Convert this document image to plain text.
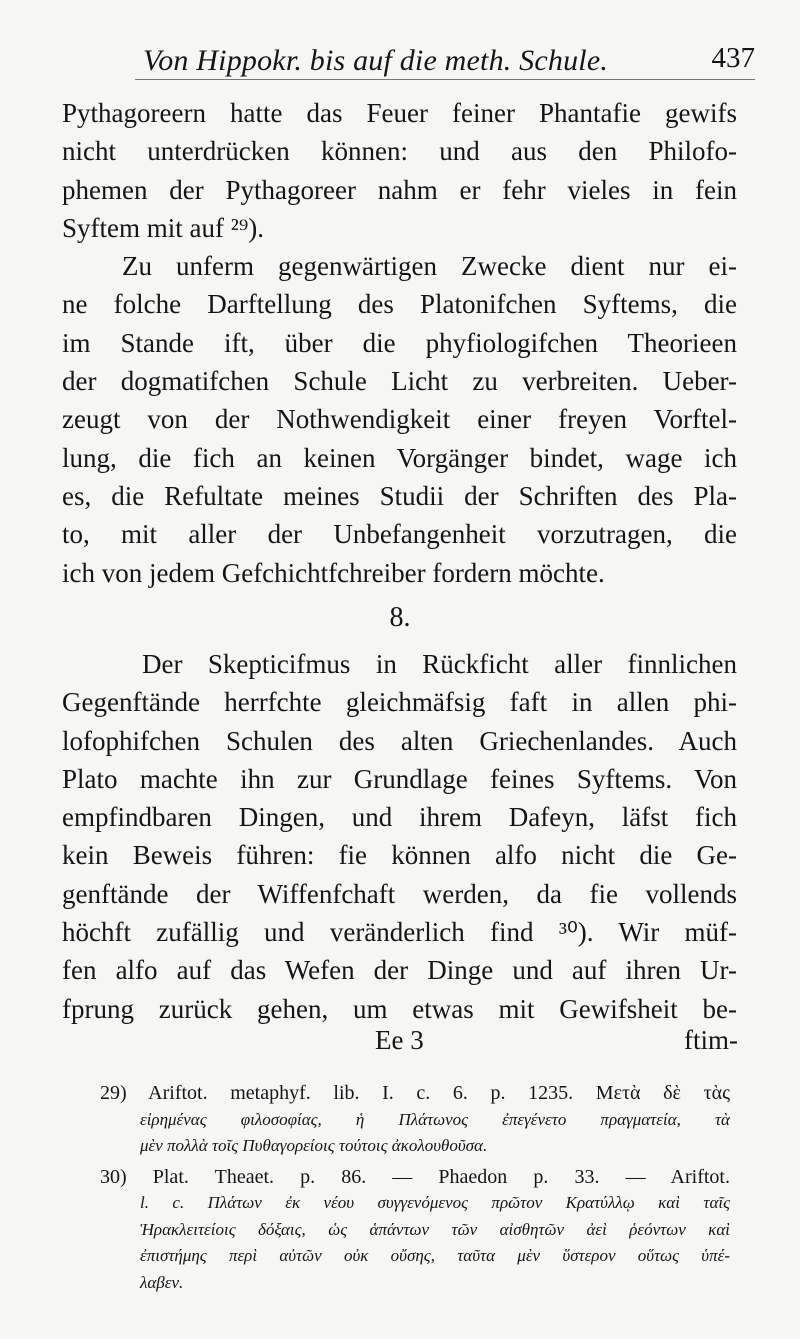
Von Hippokr. bis auf die meth. Schule.	437
Pythagoreern hatte das Feuer feiner Phantafie gewifs
nicht unterdrücken können: und aus den Philofo-
phemen der Pythagoreer nahm er fehr vieles in fein
Syftem mit auf ²⁹).
Zu unferm gegenwärtigen Zwecke dient nur ei-
ne folche Darftellung des Platonifchen Syftems, die
im Stande ift, über die phyfiologifchen Theorieen
der dogmatifchen Schule Licht zu verbreiten. Ueber-
zeugt von der Nothwendigkeit einer freyen Vorftel-
lung, die fich an keinen Vorgänger bindet, wage ich
es, die Refultate meines Studii der Schriften des Pla-
to, mit aller der Unbefangenheit vorzutragen, die
ich von jedem Gefchichtfchreiber fordern möchte.
8.
Der Skepticifmus in Rückficht aller finnlichen
Gegenftände herrfchte gleichmäfsig faft in allen phi-
lofophifchen Schulen des alten Griechenlandes. Auch
Plato machte ihn zur Grundlage feines Syftems. Von
empfindbaren Dingen, und ihrem Dafeyn, läfst fich
kein Beweis führen: fie können alfo nicht die Ge-
genftände der Wiffenfchaft werden, da fie vollends
höchft zufällig und veränderlich find ³⁰). Wir müf-
fen alfo auf das Wefen der Dinge und auf ihren Ur-
fprung zurück gehen, um etwas mit Gewifsheit be-
Ee 3	ftim-
29) Ariftot. metaphyf. lib. I. c. 6. p. 1235. Μετὰ δὲ τὰς
εἰρημένας φιλοσοφίας, ἡ Πλάτωνος ἐπεγένετο πραγματεία, τὰ
μὲν πολλὰ τοῖς Πυθαγορείοις τούτοις ἀκολουθοῦσα.
30) Plat. Theaet. p. 86. — Phaedon p. 33. — Ariftot.
l. c. Πλάτων ἐκ νέου συγγενόμενος πρῶτον Κρατύλλῳ καὶ ταῖς
Ἡρακλειτείοις δόξαις, ὡς ἁπάντων τῶν αἰσθητῶν ἀεὶ ῥεόντων καὶ
ἐπιστήμης περὶ αὐτῶν οὐκ οὔσης, ταῦτα μὲν ὕστερον οὕτως ὑπέ-
λαβεν.
